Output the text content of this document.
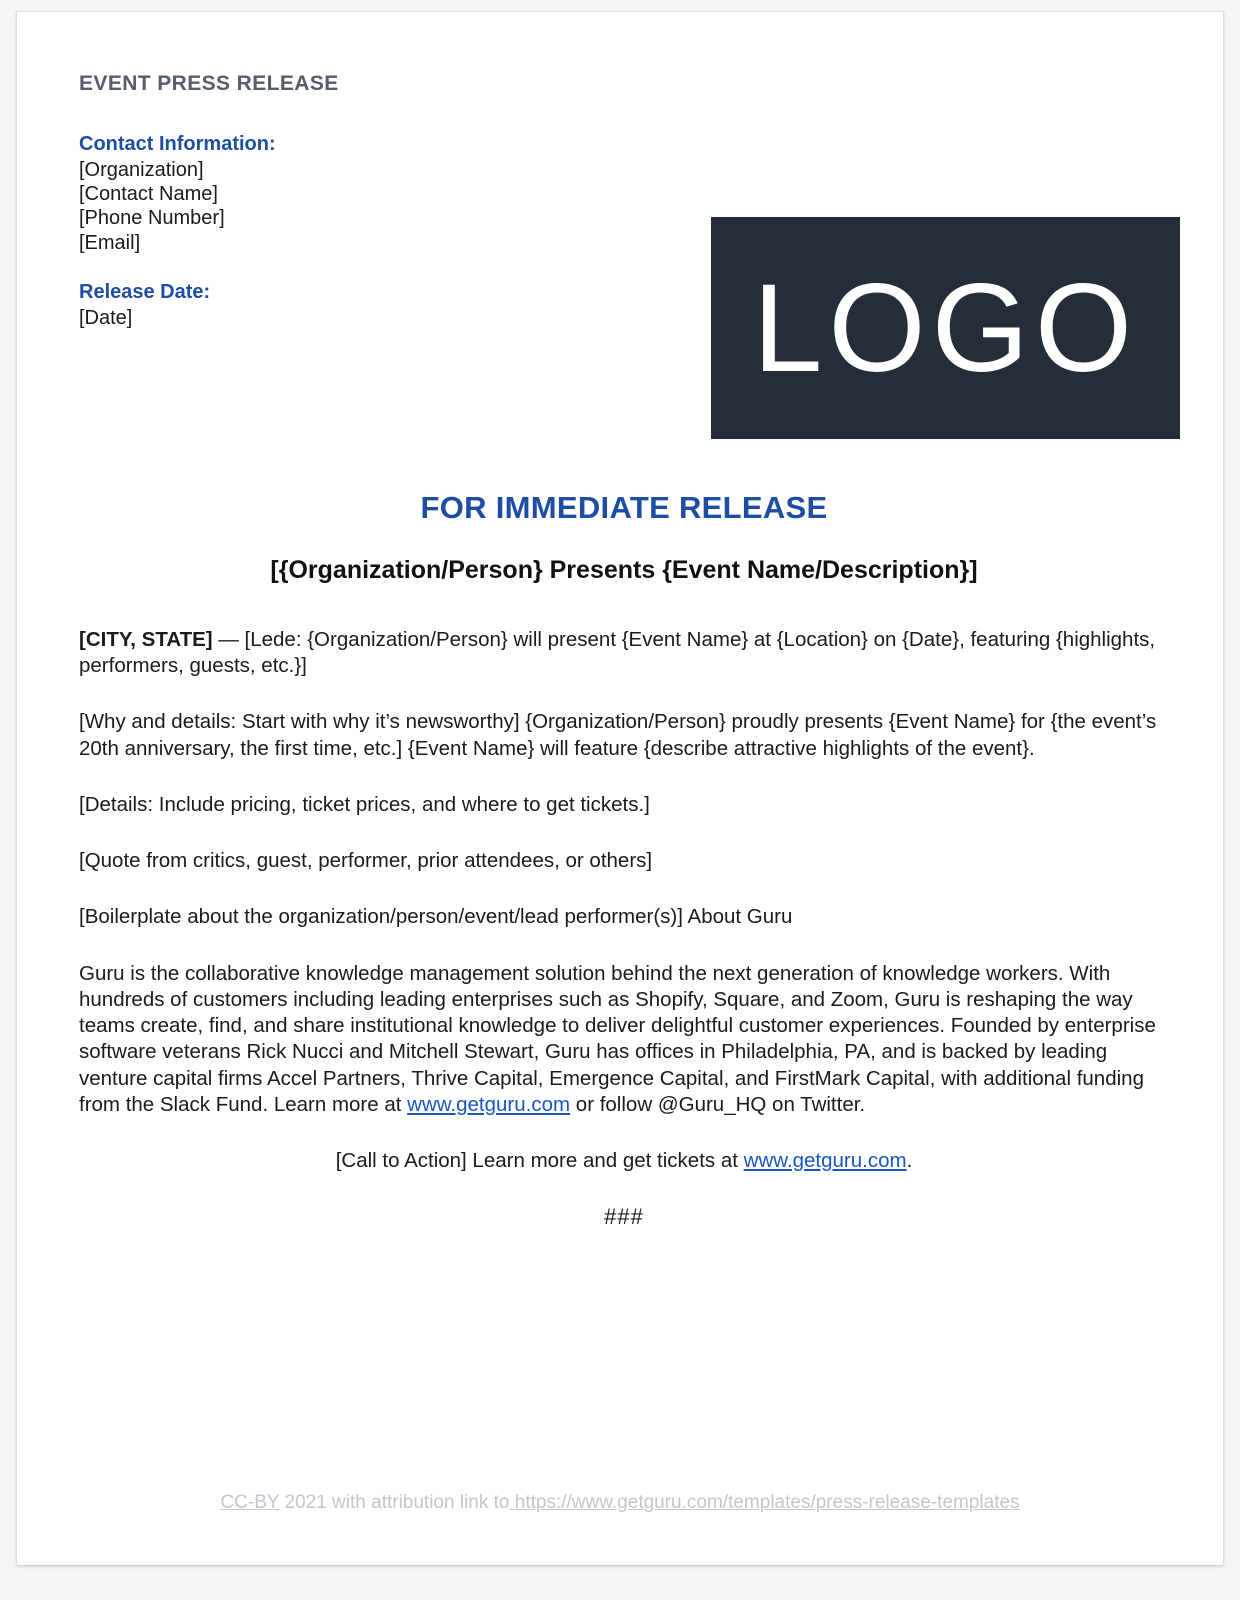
EVENT PRESS RELEASE
Contact Information:
[Organization]
[Contact Name]
[Phone Number]
[Email]
Release Date:
[Date]	LOGO
FOR IMMEDIATE RELEASE
[{Organization/Person} Presents {Event Name/Description}]

[CITY, STATE] — [Lede: {Organization/Person} will present {Event Name} at {Location} on {Date}, featuring {highlights, performers, guests, etc.}]

[Why and details: Start with why it’s newsworthy] {Organization/Person} proudly presents {Event Name} for {the event’s 20th anniversary, the first time, etc.] {Event Name} will feature {describe attractive highlights of the event}.

[Details: Include pricing, ticket prices, and where to get tickets.]

[Quote from critics, guest, performer, prior attendees, or others]

[Boilerplate about the organization/person/event/lead performer(s)] About Guru

Guru is the collaborative knowledge management solution behind the next generation of knowledge workers. With hundreds of customers including leading enterprises such as Shopify, Square, and Zoom, Guru is reshaping the way teams create, find, and share institutional knowledge to deliver delightful customer experiences. Founded by enterprise software veterans Rick Nucci and Mitchell Stewart, Guru has offices in Philadelphia, PA, and is backed by leading venture capital firms Accel Partners, Thrive Capital, Emergence Capital, and FirstMark Capital, with additional funding from the Slack Fund. Learn more at www.getguru.com or follow @Guru_HQ on Twitter.

[Call to Action] Learn more and get tickets at www.getguru.com.

###
CC-BY 2021 with attribution link to https://www.getguru.com/templates/press-release-templates
